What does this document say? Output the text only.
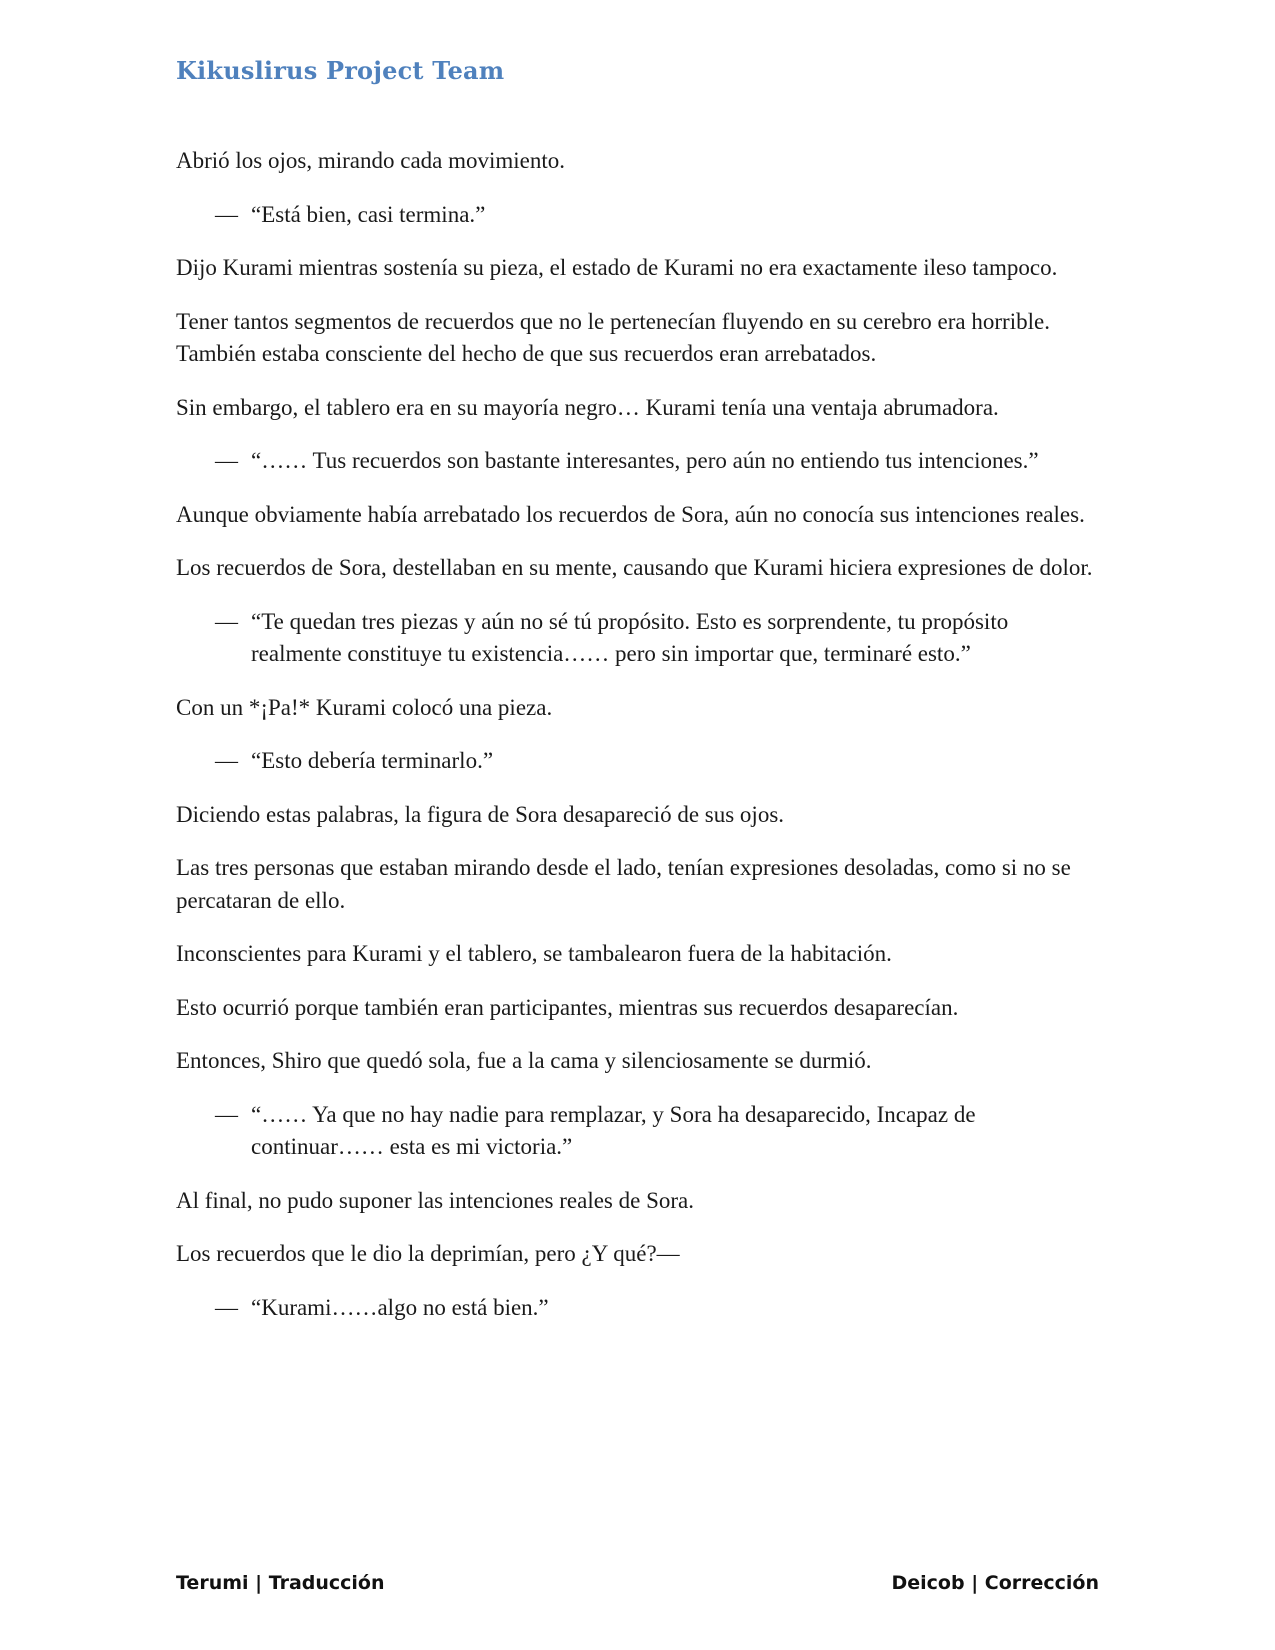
Kikuslirus Project Team

Abrió los ojos, mirando cada movimiento.

— “Está bien, casi termina.”

Dijo Kurami mientras sostenía su pieza, el estado de Kurami no era exactamente ileso tampoco.

Tener tantos segmentos de recuerdos que no le pertenecían fluyendo en su cerebro era horrible. También estaba consciente del hecho de que sus recuerdos eran arrebatados.

Sin embargo, el tablero era en su mayoría negro… Kurami tenía una ventaja abrumadora.

— “…… Tus recuerdos son bastante interesantes, pero aún no entiendo tus intenciones.”

Aunque obviamente había arrebatado los recuerdos de Sora, aún no conocía sus intenciones reales.

Los recuerdos de Sora, destellaban en su mente, causando que Kurami hiciera expresiones de dolor.

— “Te quedan tres piezas y aún no sé tú propósito. Esto es sorprendente, tu propósito realmente constituye tu existencia…… pero sin importar que, terminaré esto.”

Con un *¡Pa!* Kurami colocó una pieza.

— “Esto debería terminarlo.”

Diciendo estas palabras, la figura de Sora desapareció de sus ojos.

Las tres personas que estaban mirando desde el lado, tenían expresiones desoladas, como si no se percataran de ello.

Inconscientes para Kurami y el tablero, se tambalearon fuera de la habitación.

Esto ocurrió porque también eran participantes, mientras sus recuerdos desaparecían.

Entonces, Shiro que quedó sola, fue a la cama y silenciosamente se durmió.

— “…… Ya que no hay nadie para remplazar, y Sora ha desaparecido, Incapaz de continuar…… esta es mi victoria.”

Al final, no pudo suponer las intenciones reales de Sora.

Los recuerdos que le dio la deprimían, pero ¿Y qué?—

— “Kurami……algo no está bien.”
Terumi | Traducción	Deicob | Corrección
